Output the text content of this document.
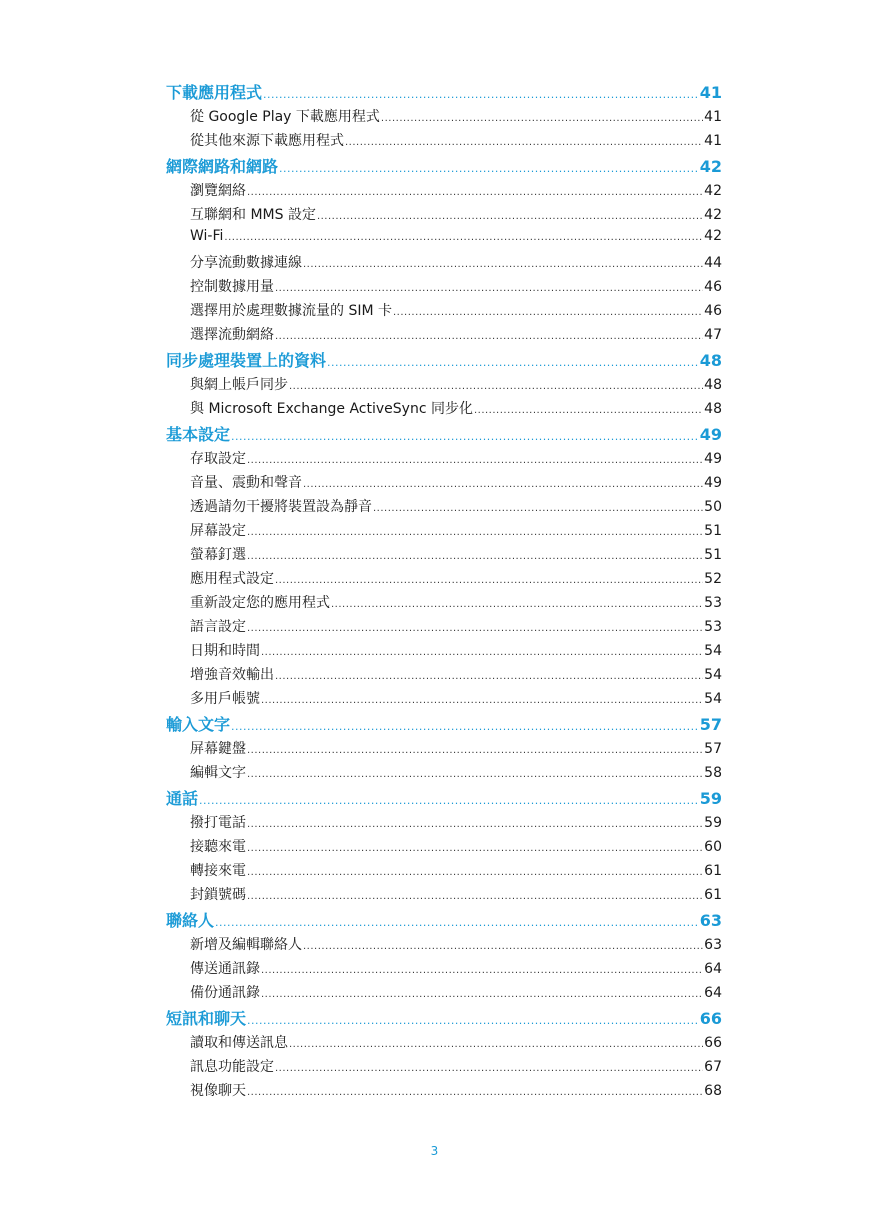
下載應用程式 .....	41
從 Google Play 下載應用程式 .....	41
從其他來源下載應用程式 .....	41
網際網路和網路 .....	42
瀏覽網絡 .....	42
互聯網和 MMS 設定 .....	42
Wi-Fi .....	42
分享流動數據連線 .....	44
控制數據用量 .....	46
選擇用於處理數據流量的 SIM 卡 .....	46
選擇流動網絡 .....	47
同步處理裝置上的資料 .....	48
與網上帳戶同步 .....	48
與 Microsoft Exchange ActiveSync 同步化 .....	48
基本設定 .....	49
存取設定 .....	49
音量、震動和聲音 .....	49
透過請勿干擾將裝置設為靜音 .....	50
屏幕設定 .....	51
螢幕釘選 .....	51
應用程式設定 .....	52
重新設定您的應用程式 .....	53
語言設定 .....	53
日期和時間 .....	54
增強音效輸出 .....	54
多用戶帳號 .....	54
輸入文字 .....	57
屏幕鍵盤 .....	57
編輯文字 .....	58
通話 .....	59
撥打電話 .....	59
接聽來電 .....	60
轉接來電 .....	61
封鎖號碼 .....	61
聯絡人 .....	63
新增及編輯聯絡人 .....	63
傳送通訊錄 .....	64
備份通訊錄 .....	64
短訊和聊天 .....	66
讀取和傳送訊息 .....	66
訊息功能設定 .....	67
視像聊天 .....	68
3
